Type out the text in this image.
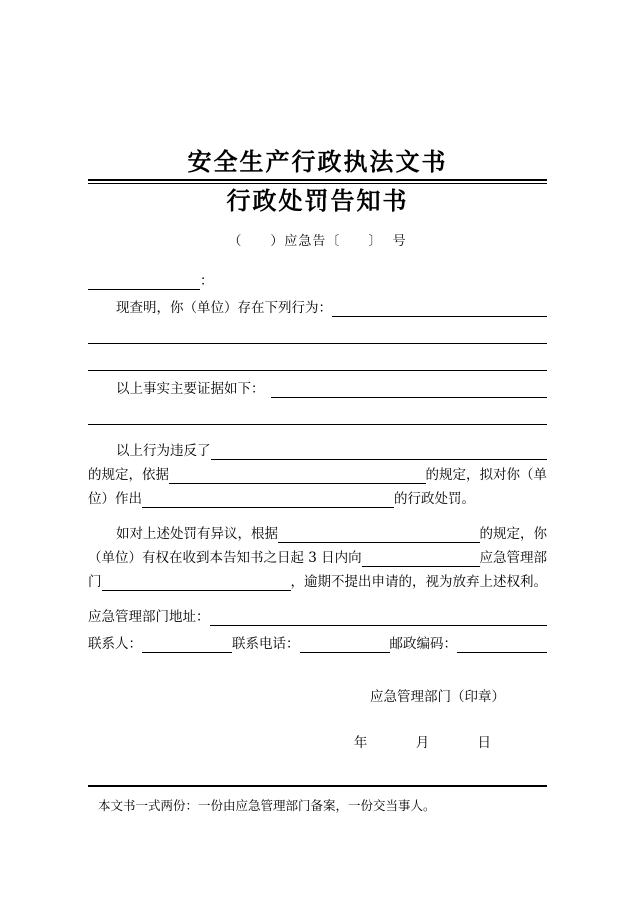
安全生产行政执法文书
行政处罚告知书
（　　）应急告〔　　〕  号
：
现查明，你（单位）存在下列行为：
以上事实主要证据如下：
以上行为违反了
的规定，依据	的规定，拟对你（单
位）作出	的行政处罚。
如对上述处罚有异议，根据	的规定，你
（单位）有权在收到本告知书之日起 3 日内向	应急管理部
门	，逾期不提出申请的，视为放弃上述权利。
应急管理部门地址：
联系人：	联系电话：	邮政编码：
应急管理部门（印章）
年	月	日
本文书一式两份：一份由应急管理部门备案，一份交当事人。
